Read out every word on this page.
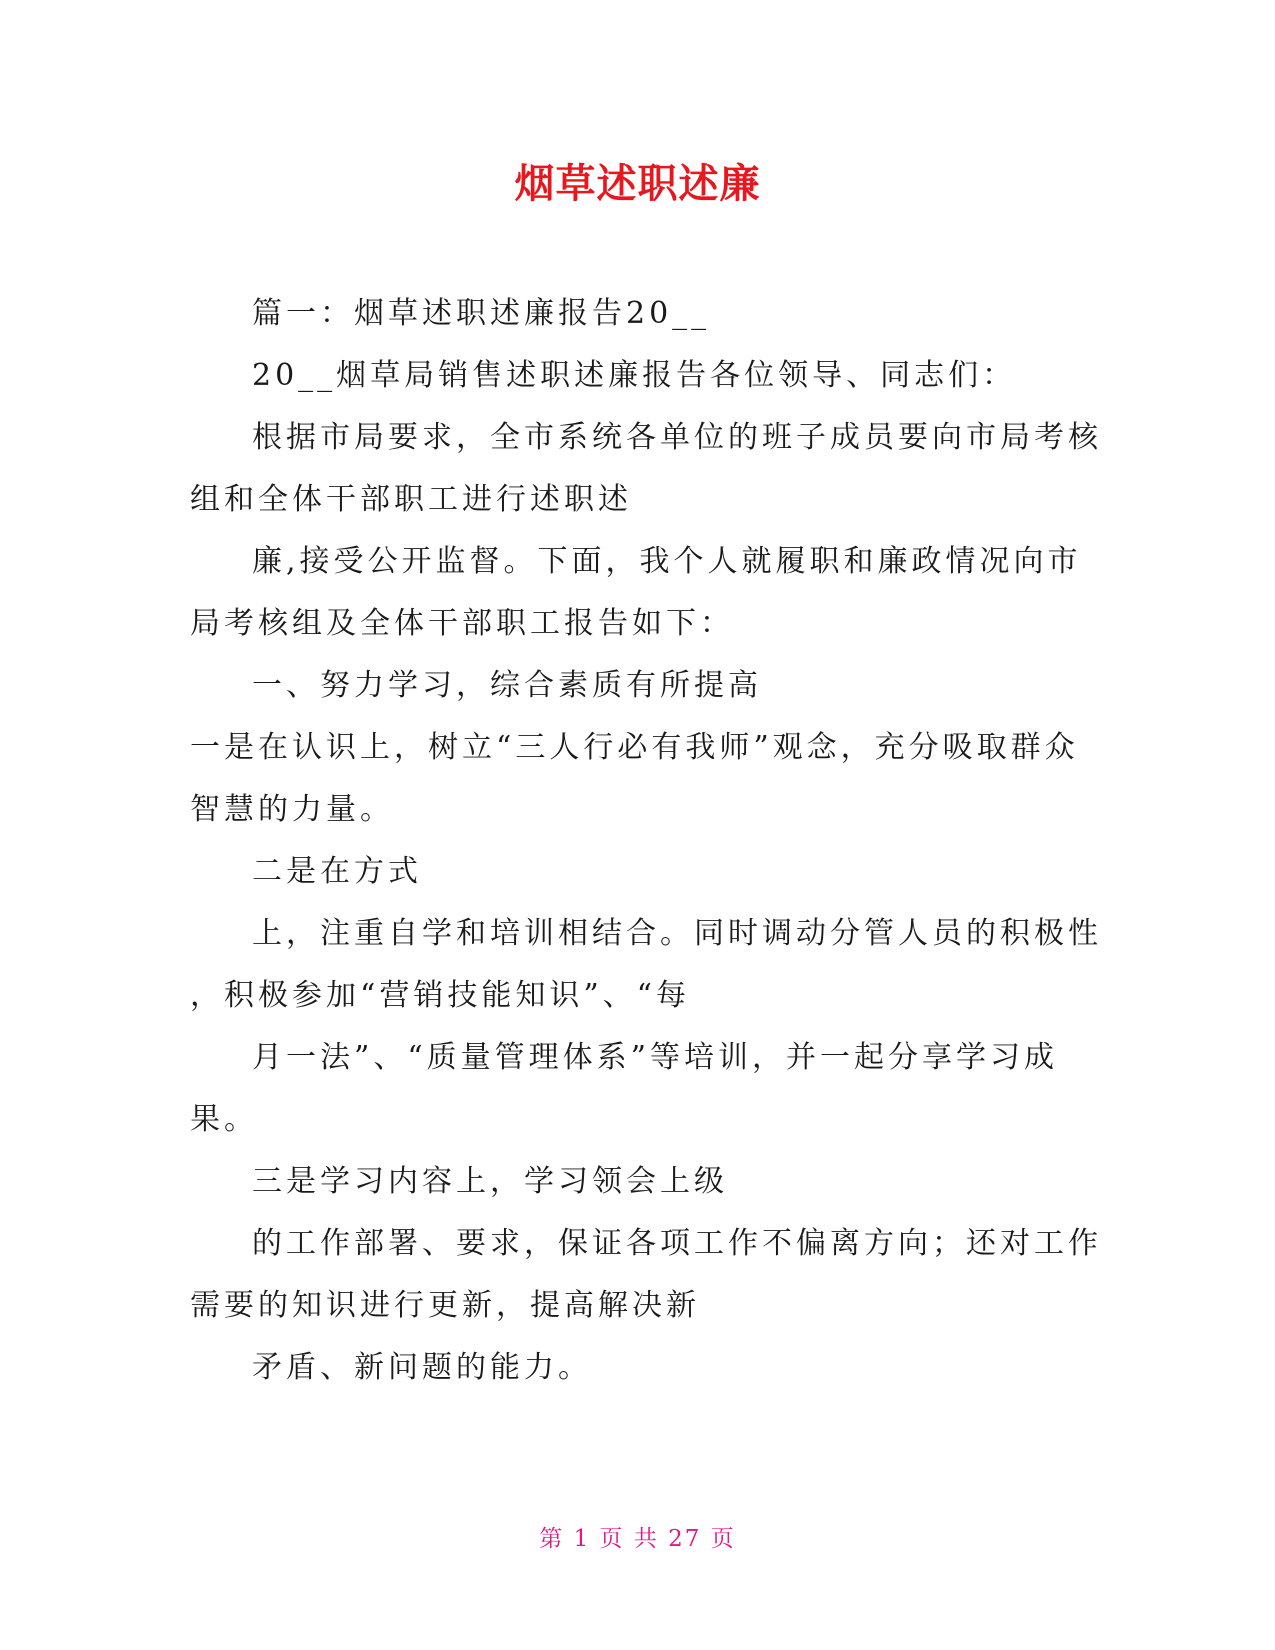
烟草述职述廉
篇一：烟草述职述廉报告20__
20__烟草局销售述职述廉报告各位领导、同志们：
根据市局要求，全市系统各单位的班子成员要向市局考核
组和全体干部职工进行述职述
廉,接受公开监督。下面，我个人就履职和廉政情况向市
局考核组及全体干部职工报告如下：
一、努力学习，综合素质有所提高
一是在认识上，树立“三人行必有我师”观念，充分吸取群众
智慧的力量。
二是在方式
上，注重自学和培训相结合。同时调动分管人员的积极性
，积极参加“营销技能知识”、“每
月一法”、“质量管理体系”等培训，并一起分享学习成
果。
三是学习内容上，学习领会上级
的工作部署、要求，保证各项工作不偏离方向；还对工作
需要的知识进行更新，提高解决新
矛盾、新问题的能力。
第 1 页 共 27 页
